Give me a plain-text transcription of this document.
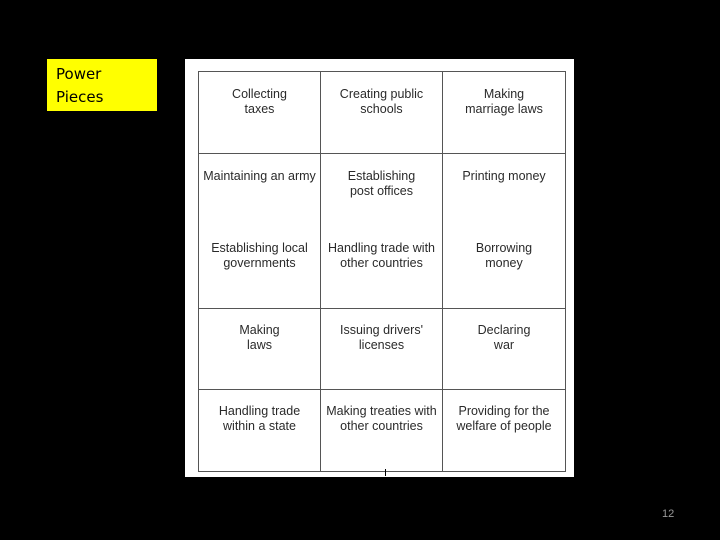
Power
Pieces	Collecting
taxes
Creating public
schools
Making
marriage laws

Maintaining an army

Establishing local
governments

Establishing
post offices

Handling trade with
other countries

Printing money

Borrowing
money

Making
laws
Issuing drivers'
licenses
Declaring
war
Handling trade
within a state
Making treaties with
other countries
Providing for the
welfare of people
12
